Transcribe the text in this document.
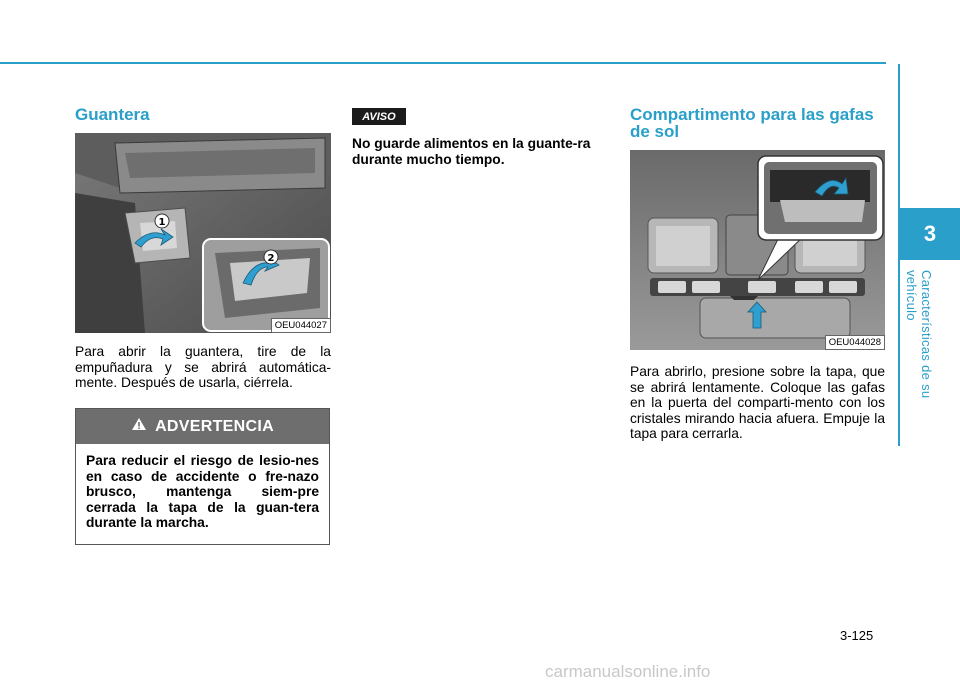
3
Características de su vehículo
Guantera
1
2
OEU044027

Para abrir la guantera, tire de la empuñadura y se abrirá automática-mente. Después de usarla, ciérrela.

ADVERTENCIA
Para reducir el riesgo de lesio-nes en caso de accidente o fre-nazo brusco, mantenga siem-pre cerrada la tapa de la guan-tera durante la marcha.
AVISO

No guarde alimentos en la guante-ra durante mucho tiempo.

Compartimento para las gafas
de sol
OEU044028

Para abrirlo, presione sobre la tapa, que se abrirá lentamente. Coloque las gafas en la puerta del comparti-mento con los cristales mirando hacia afuera. Empuje la tapa para cerrarla.

3-125
carmanualsonline.info
